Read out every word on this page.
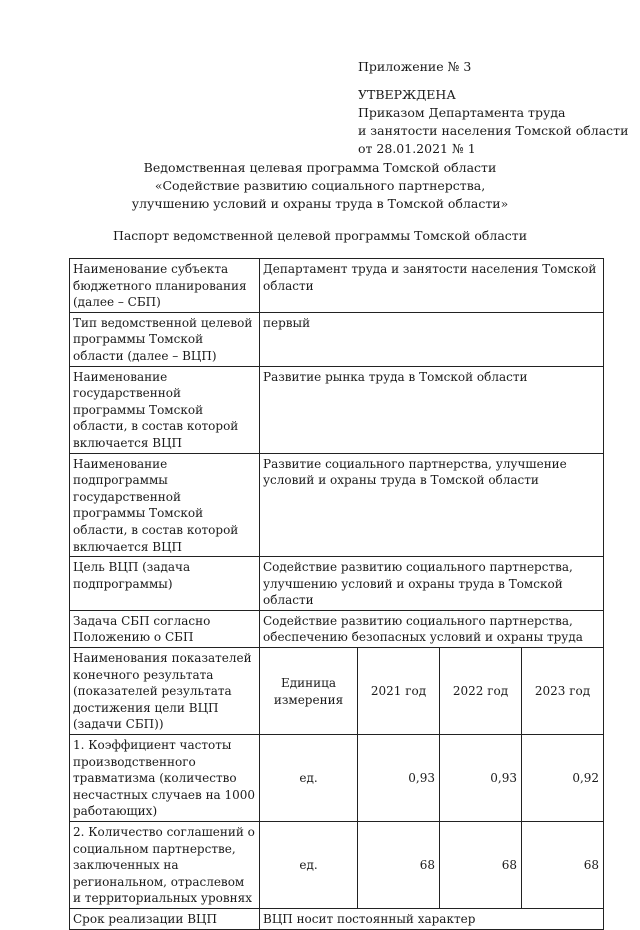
Приложение № 3
УТВЕРЖДЕНА
Приказом Департамента труда
и занятости населения Томской области
от 28.01.2021 № 1
Ведомственная целевая программа Томской области
«Содействие развитию социального партнерства,
улучшению условий и охраны труда в Томской области»
Паспорт ведомственной целевой программы Томской области
Наименование субъекта бюджетного планирования (далее – СБП)	Департамент труда и занятости населения Томской области			
Тип ведомственной целевой программы Томской области (далее – ВЦП)	первый			
Наименование государственной программы Томской области, в состав которой включается ВЦП	Развитие рынка труда в Томской области			
Наименование подпрограммы государственной программы Томской области, в состав которой включается ВЦП	Развитие социального партнерства, улучшение условий и охраны труда в Томской области			
Цель ВЦП (задача подпрограммы)	Содействие развитию социального партнерства, улучшению условий и охраны труда в Томской области			
Задача СБП согласно Положению о СБП	Содействие развитию социального партнерства, обеспечению безопасных условий и охраны труда			
Наименования показателей конечного результата (показателей результата достижения цели ВЦП (задачи СБП))	Единица измерения	2021 год	2022 год	2023 год
1. Коэффициент частоты производственного травматизма (количество несчастных случаев на 1000 работающих)	ед.	0,93	0,93	0,92
2. Количество соглашений о социальном партнерстве, заключенных на региональном, отраслевом и территориальных уровнях	ед.	68	68	68
Срок реализации ВЦП	ВЦП носит постоянный характер			
